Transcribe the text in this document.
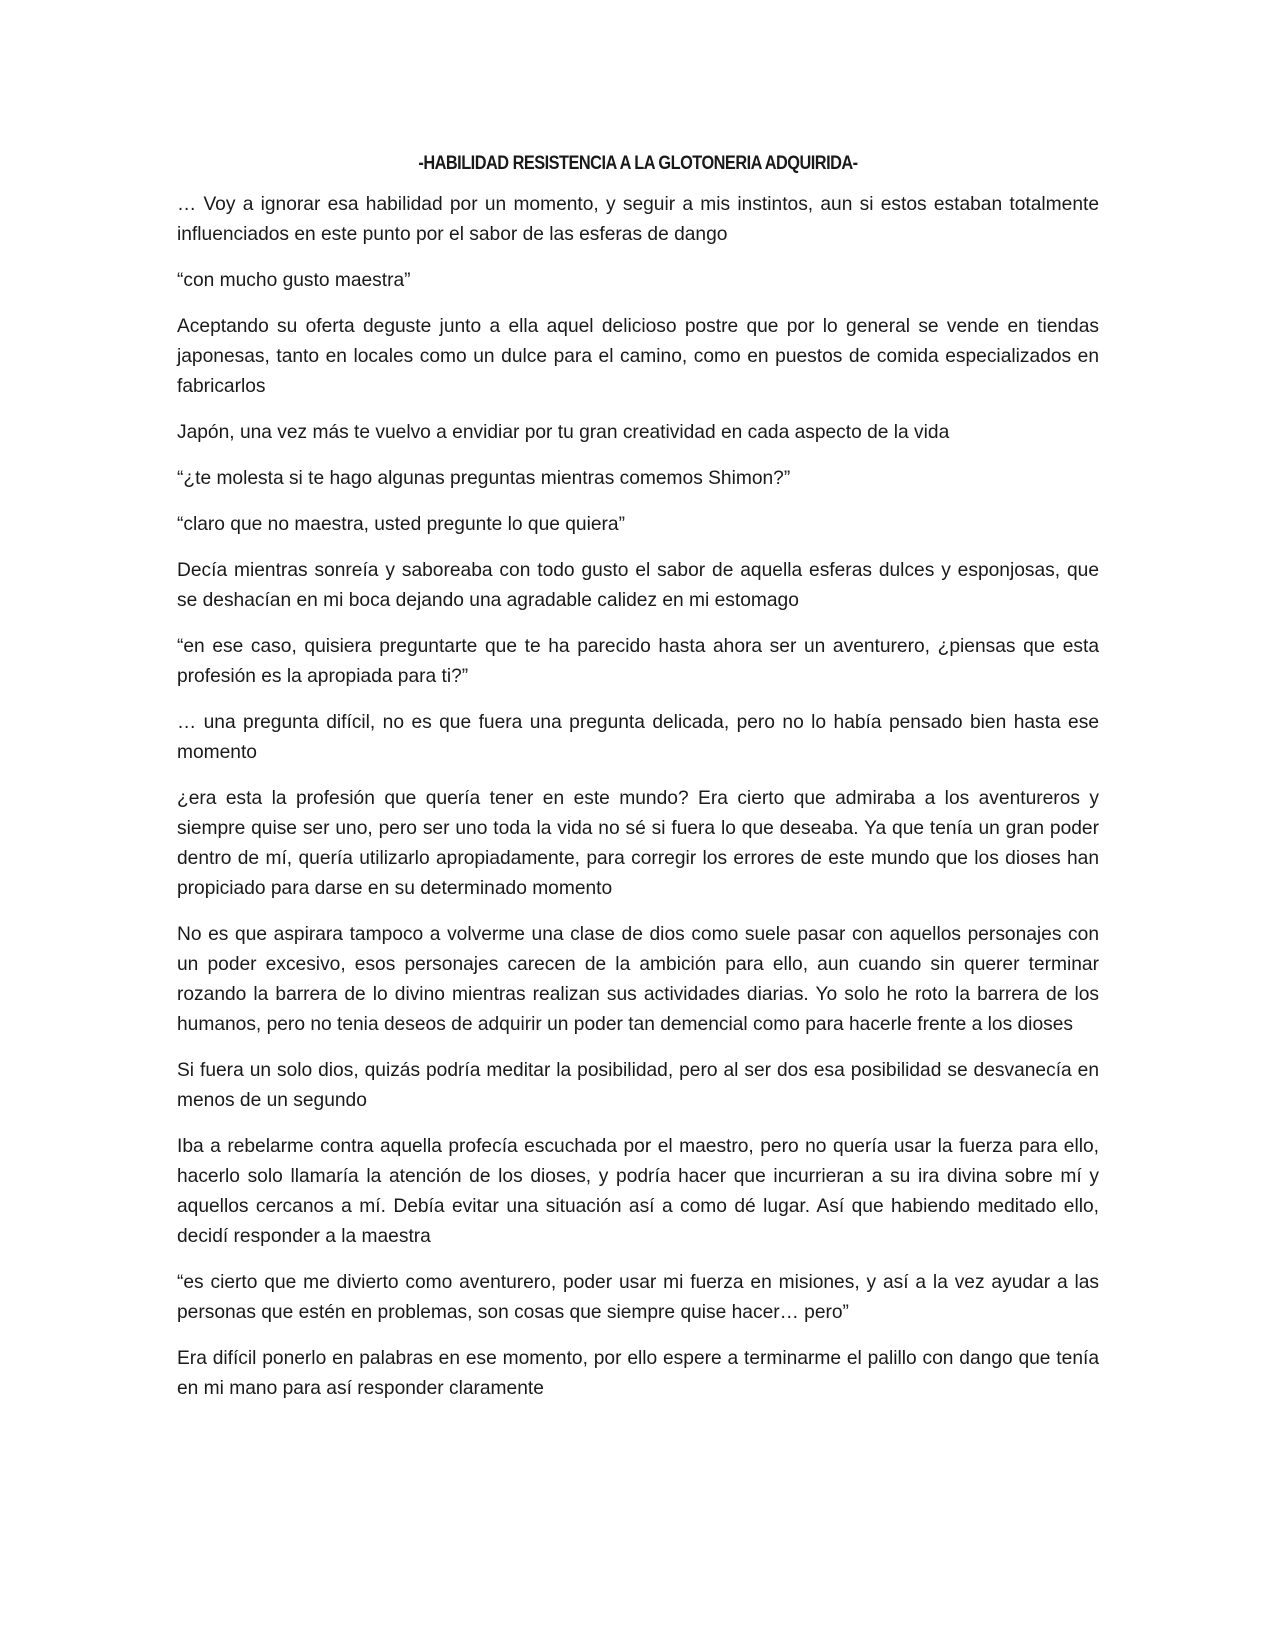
-HABILIDAD RESISTENCIA A LA GLOTONERIA ADQUIRIDA-

… Voy a ignorar esa habilidad por un momento, y seguir a mis instintos, aun si estos estaban totalmente influenciados en este punto por el sabor de las esferas de dango

“con mucho gusto maestra”

Aceptando su oferta deguste junto a ella aquel delicioso postre que por lo general se vende en tiendas japonesas, tanto en locales como un dulce para el camino, como en puestos de comida especializados en fabricarlos

Japón, una vez más te vuelvo a envidiar por tu gran creatividad en cada aspecto de la vida

“¿te molesta si te hago algunas preguntas mientras comemos Shimon?”

“claro que no maestra, usted pregunte lo que quiera”

Decía mientras sonreía y saboreaba con todo gusto el sabor de aquella esferas dulces y esponjosas, que se deshacían en mi boca dejando una agradable calidez en mi estomago

“en ese caso, quisiera preguntarte que te ha parecido hasta ahora ser un aventurero, ¿piensas que esta profesión es la apropiada para ti?”

… una pregunta difícil, no es que fuera una pregunta delicada, pero no lo había pensado bien hasta ese momento

¿era esta la profesión que quería tener en este mundo? Era cierto que admiraba a los aventureros y siempre quise ser uno, pero ser uno toda la vida no sé si fuera lo que deseaba. Ya que tenía un gran poder dentro de mí, quería utilizarlo apropiadamente, para corregir los errores de este mundo que los dioses han propiciado para darse en su determinado momento

No es que aspirara tampoco a volverme una clase de dios como suele pasar con aquellos personajes con un poder excesivo, esos personajes carecen de la ambición para ello, aun cuando sin querer terminar rozando la barrera de lo divino mientras realizan sus actividades diarias. Yo solo he roto la barrera de los humanos, pero no tenia deseos de adquirir un poder tan demencial como para hacerle frente a los dioses

Si fuera un solo dios, quizás podría meditar la posibilidad, pero al ser dos esa posibilidad se desvanecía en menos de un segundo

Iba a rebelarme contra aquella profecía escuchada por el maestro, pero no quería usar la fuerza para ello, hacerlo solo llamaría la atención de los dioses, y podría hacer que incurrieran a su ira divina sobre mí y aquellos cercanos a mí. Debía evitar una situación así a como dé lugar. Así que habiendo meditado ello, decidí responder a la maestra

“es cierto que me divierto como aventurero, poder usar mi fuerza en misiones, y así a la vez ayudar a las personas que estén en problemas, son cosas que siempre quise hacer… pero”

Era difícil ponerlo en palabras en ese momento, por ello espere a terminarme el palillo con dango que tenía en mi mano para así responder claramente
